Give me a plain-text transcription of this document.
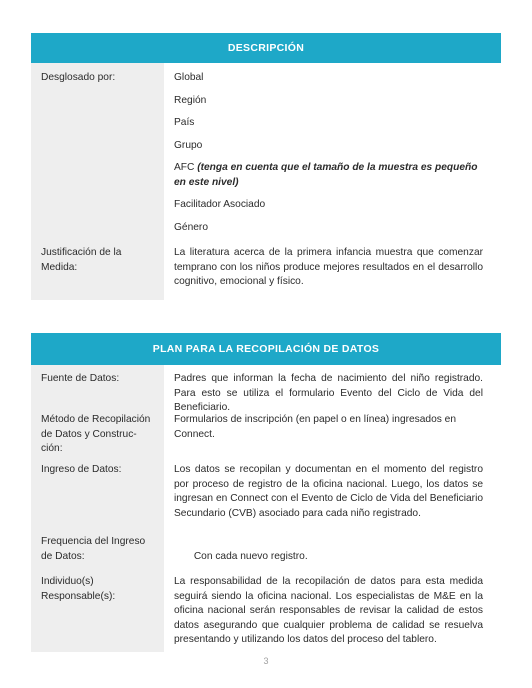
DESCRIPCIÓN
Desglosado por:	Global

Región

País

Grupo

AFC (tenga en cuenta que el tamaño de la muestra es pequeño en este nivel)

Facilitador Asociado

Género

Justificación de la Medida:
La literatura acerca de la primera infancia muestra que comenzar temprano con los niños produce mejores resultados en el desarrollo cognitivo, emocional y físico.
PLAN PARA LA RECOPILACIÓN DE DATOS
Fuente de Datos:	Padres que informan la fecha de nacimiento del niño registrado. Para esto se utiliza el formulario Evento del Ciclo de Vida del Beneficiario.
Método de Recopilación de Datos y Construc-ción:
Formularios de inscripción (en papel o en línea) ingresados en Connect.
Ingreso de Datos:	Los datos se recopilan y documentan en el momento del registro por proceso de registro de la oficina nacional. Luego, los datos se ingresan en Connect con el Evento de Ciclo de Vida del Beneficiario Secundario (CVB) asociado para cada niño registrado.
Frequencia del Ingreso de Datos:	Con cada nuevo registro.

Individuo(s) Responsable(s):
La responsabilidad de la recopilación de datos para esta medida seguirá siendo la oficina nacional. Los especialistas de M&E en la oficina nacional serán responsables de revisar la calidad de estos datos asegurando que cualquier problema de calidad se resuelva presentando y utilizando los datos del proceso del tablero.
3
